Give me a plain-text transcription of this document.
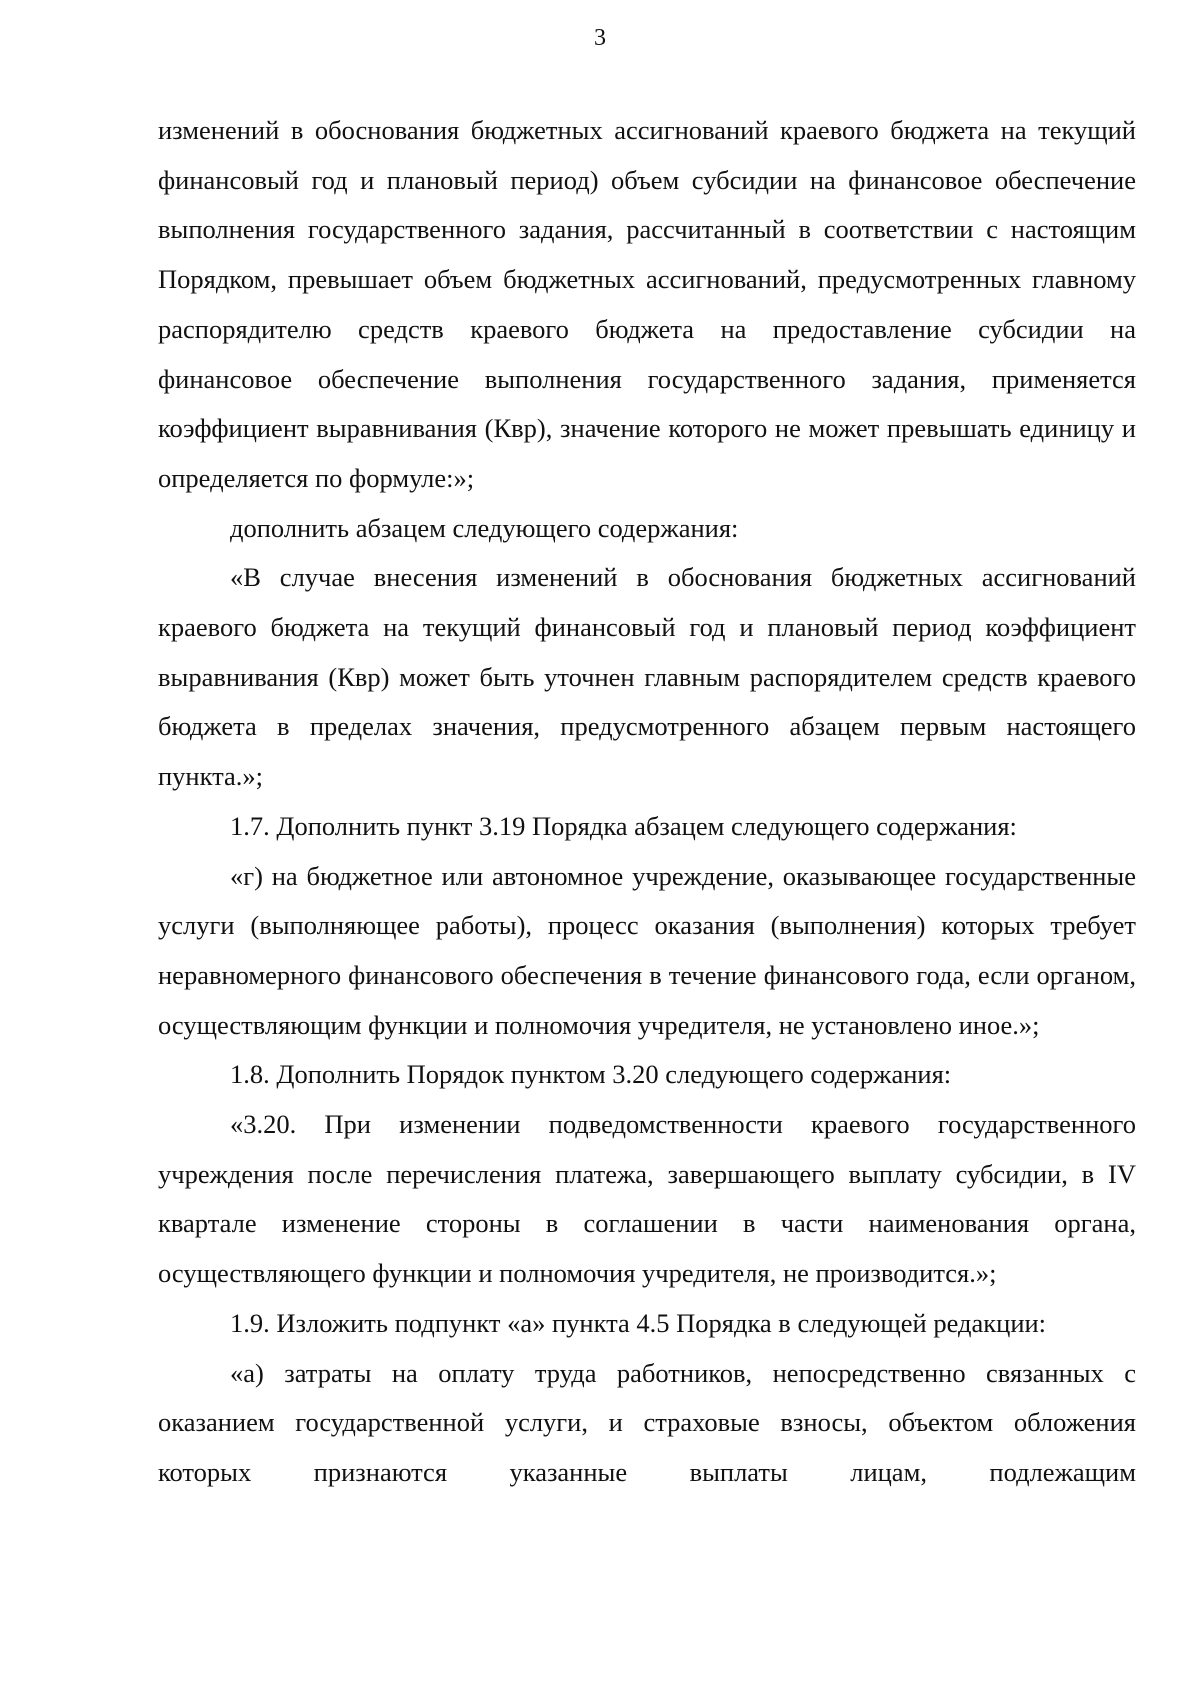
3

изменений в обоснования бюджетных ассигнований краевого бюджета на текущий финансовый год и плановый период) объем субсидии на финансовое обеспечение выполнения государственного задания, рассчитанный в соответствии с настоящим Порядком, превышает объем бюджетных ассигнований, предусмотренных главному распорядителю средств краевого бюджета на предоставление субсидии на финансовое обеспечение выполнения государственного задания, применяется коэффициент выравнивания (Квр), значение которого не может превышать единицу и определяется по формуле:»;

дополнить абзацем следующего содержания:

«В случае внесения изменений в обоснования бюджетных ассигнований краевого бюджета на текущий финансовый год и плановый период коэффициент выравнивания (Квр) может быть уточнен главным распорядителем средств краевого бюджета в пределах значения, предусмотренного абзацем первым настоящего пункта.»;

1.7. Дополнить пункт 3.19 Порядка абзацем следующего содержания:

«г) на бюджетное или автономное учреждение, оказывающее государственные услуги (выполняющее работы), процесс оказания (выполнения) которых требует неравномерного финансового обеспечения в течение финансового года, если органом, осуществляющим функции и полномочия учредителя, не установлено иное.»;

1.8. Дополнить Порядок пунктом 3.20 следующего содержания:

«3.20. При изменении подведомственности краевого государственного учреждения после перечисления платежа, завершающего выплату субсидии, в IV квартале изменение стороны в соглашении в части наименования органа, осуществляющего функции и полномочия учредителя, не производится.»;

1.9. Изложить подпункт «а» пункта 4.5 Порядка в следующей редакции:

«а) затраты на оплату труда работников, непосредственно связанных с оказанием государственной услуги, и страховые взносы, объектом обложения которых признаются указанные выплаты лицам, подлежащим
